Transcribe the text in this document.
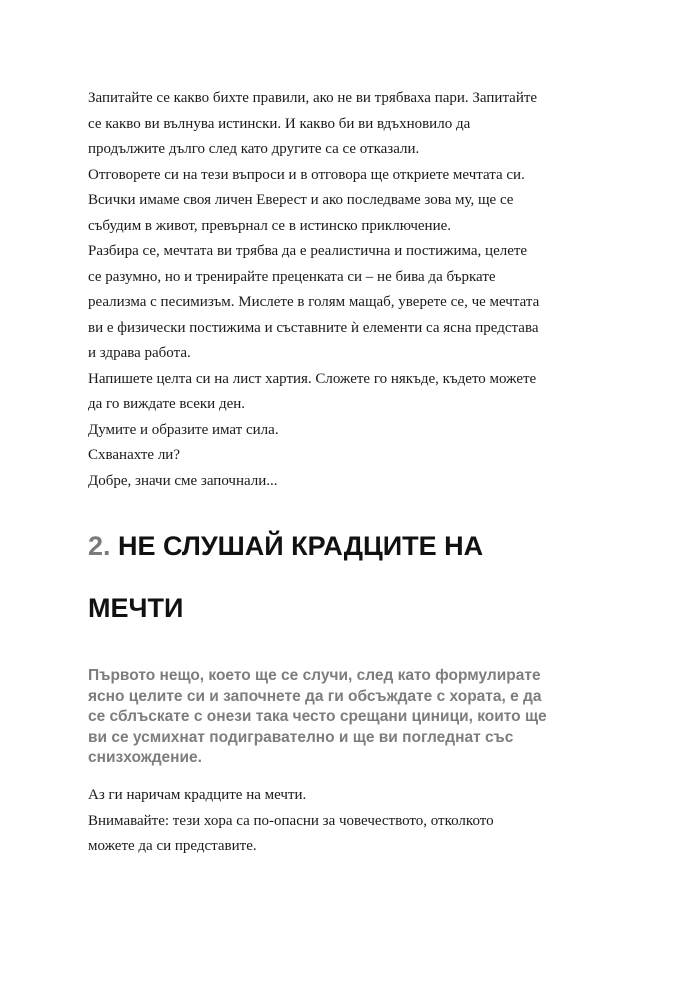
Запитайте се какво бихте правили, ако не ви трябваха пари. Запитайте
се какво ви вълнува истински. И какво би ви вдъхновило да
продължите дълго след като другите са се отказали.
Отговорете си на тези въпроси и в отговора ще откриете мечтата си.
Всички имаме своя личен Еверест и ако последваме зова му, ще се
събудим в живот, превърнал се в истинско приключение.
Разбира се, мечтата ви трябва да е реалистична и постижима, целете
се разумно, но и тренирайте преценката си – не бива да бъркате
реализма с песимизъм. Мислете в голям мащаб, уверете се, че мечтата
ви е физически постижима и съставните ѝ елементи са ясна представа
и здрава работа.
Напишете целта си на лист хартия. Сложете го някъде, където можете
да го виждате всеки ден.
Думите и образите имат сила.
Схванахте ли?
Добре, значи сме започнали...
2. НЕ СЛУШАЙ КРАДЦИТЕ НА
МЕЧТИ
Първото нещо, което ще се случи, след като формулирате
ясно целите си и започнете да ги обсъждате с хората, е да
се сблъскате с онези така често срещани циници, които ще
ви се усмихнат подигравателно и ще ви погледнат със
снизхождение.
Аз ги наричам крадците на мечти.
Внимавайте: тези хора са по-опасни за човечеството, отколкото
можете да си представите.
